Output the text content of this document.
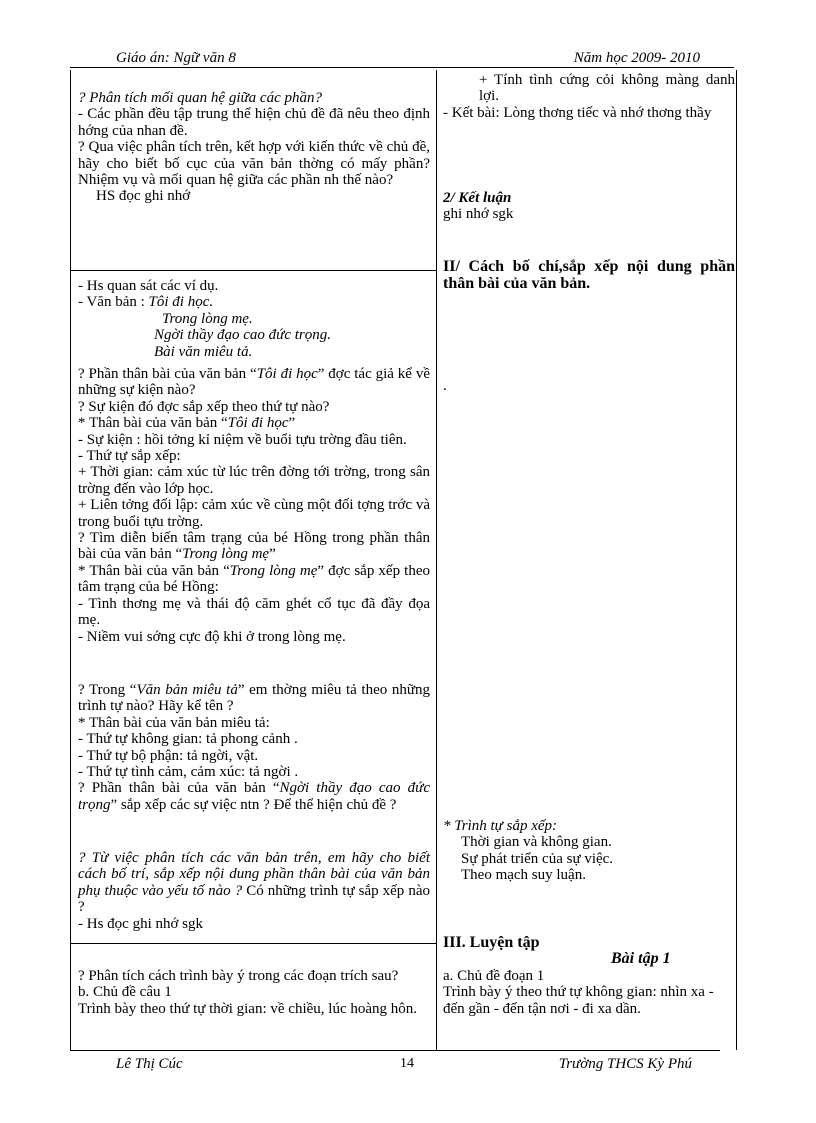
Giáo án: Ngữ văn 8	Năm học 2009- 2010

? Phân tích mối quan hệ giữa các phần?

- Các phần đều tập trung thể hiện chủ đề đã nêu theo định hớng của nhan đề.

? Qua việc phân tích trên, kết hợp với kiến thức về chủ đề, hãy cho biết bố cục của văn bản thờng có mấy phần? Nhiệm vụ và mối quan hệ giữa các phần nh thế nào?

HS đọc ghi nhớ

- Hs quan sát các ví dụ.

- Văn bản : Tôi đi học.

Trong lòng mẹ.

Ngời thầy đạo cao đức trọng.

Bài văn miêu tả.

? Phần thân bài của văn bản “Tôi đi học” đợc tác giả kể về những sự kiện nào?

? Sự kiện đó đợc sắp xếp theo thứ tự nào?

* Thân bài của văn bản “Tôi đi học”

- Sự kiện : hồi tởng kỉ niệm về buổi tựu trờng đầu tiên.

- Thứ tự sắp xếp:

+ Thời gian: cảm xúc từ lúc trên đờng tới trờng, trong sân trờng đến vào lớp học.

+ Liên tởng đối lập: cảm xúc về cùng một đối tợng trớc và trong buổi tựu trờng.

? Tìm diễn biến tâm trạng của bé Hồng trong phần thân bài của văn bản “Trong lòng mẹ”

* Thân bài của văn bản “Trong lòng mẹ” đợc sắp xếp theo tâm trạng của bé Hồng:

- Tình thơng mẹ và thái độ căm ghét cổ tục đã đầy đọa mẹ.

- Niềm vui sớng cực độ khi ở trong lòng mẹ.

? Trong “Văn bản miêu tả” em thờng miêu tả theo những trình tự nào? Hãy kể tên ?

* Thân bài của văn bản miêu tả:

- Thứ tự không gian: tả phong cảnh .

- Thứ tự bộ phận: tả ngời, vật.

- Thứ tự tình cảm, cảm xúc: tả ngời .

? Phần thân bài của văn bản “Ngời thầy đạo cao đức trọng” sắp xếp các sự việc ntn ? Để thể hiện chủ đề ?

? Từ việc phân tích các văn bản trên, em hãy cho biết cách bố trí, sắp xếp nội dung phần thân bài của văn bản phụ thuộc vào yếu tố nào ? Có những trình tự sắp xếp nào ?

- Hs đọc ghi nhớ sgk

? Phân tích cách trình bày ý trong các đoạn trích sau?

b. Chủ đề câu 1

Trình bày theo thứ tự thời gian: về chiều, lúc hoàng hôn.

+ Tính tình cứng cỏi không màng danh lợi.

- Kết bài: Lòng thơng tiếc và nhớ thơng thầy

2/ Kết luận

ghi nhớ sgk

II/ Cách bố chí,sắp xếp nội dung phần thân bài của văn bản.

.

* Trình tự sắp xếp:

Thời gian và không gian.

Sự phát triển của sự việc.

Theo mạch suy luận.

III. Luyện tập

Bài tập 1

a. Chủ đề đoạn 1

Trình bày ý theo thứ tự không gian: nhìn xa - đến gần - đến tận nơi - đi xa dần.

Lê Thị Cúc	14	Trường THCS Kỳ Phú
